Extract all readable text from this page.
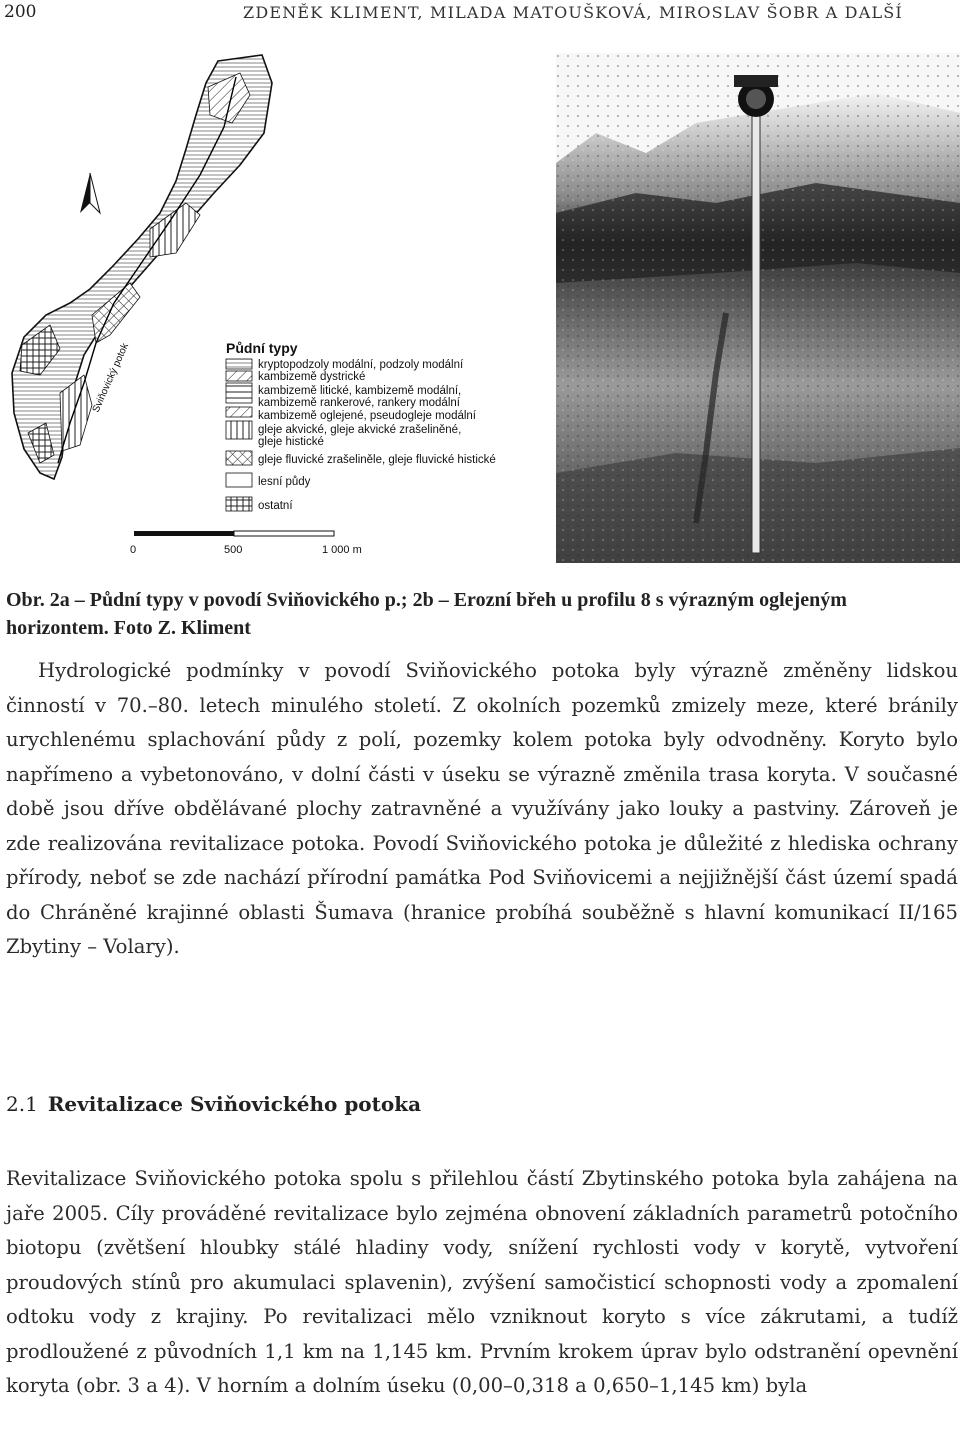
200	ZDENĚK KLIMENT, MILADA MATOUŠKOVÁ, MIROSLAV ŠOBR A DALŠÍ
Sviňovický potok	Půdní typy
kryptopodzoly modální, podzoly modální
kambizemě dystrické
kambizemě litické, kambizemě modální,
kambizemě rankerové, rankery modální
kambizemě oglejené, pseudogleje modální
gleje akvické, gleje akvické zrašeliněné,
gleje histické
gleje fluvické zrašeliněle, gleje fluvické histické
lesní půdy
ostatní
0	500	1 000 m

Obr. 2a – Půdní typy v povodí Sviňovického p.; 2b – Erozní břeh u profilu 8 s výrazným oglejeným horizontem. Foto Z. Kliment

Hydrologické podmínky v povodí Sviňovického potoka byly výrazně změněny lidskou činností v 70.–80. letech minulého století. Z okolních pozemků zmizely meze, které bránily urychlenému splachování půdy z polí, pozemky kolem potoka byly odvodněny. Koryto bylo napřímeno a vybetonováno, v dolní části v úseku se výrazně změnila trasa koryta. V současné době jsou dříve obdělávané plochy zatravněné a využívány jako louky a pastviny. Zároveň je zde realizována revitalizace potoka. Povodí Sviňovického potoka je důležité z hlediska ochrany přírody, neboť se zde nachází přírodní památka Pod Sviňovicemi a nejjižnější část území spadá do Chráněné krajinné oblasti Šumava (hranice probíhá souběžně s hlavní komunikací II/165 Zbytiny – Volary).

2.1 Revitalizace Sviňovického potoka

Revitalizace Sviňovického potoka spolu s přilehlou částí Zbytinského potoka byla zahájena na jaře 2005. Cíly prováděné revitalizace bylo zejména obnovení základních parametrů potočního biotopu (zvětšení hloubky stálé hladiny vody, snížení rychlosti vody v korytě, vytvoření proudových stínů pro akumulaci splavenin), zvýšení samočisticí schopnosti vody a zpomalení odtoku vody z krajiny. Po revitalizaci mělo vzniknout koryto s více zákrutami, a tudíž prodloužené z původních 1,1 km na 1,145 km. Prvním krokem úprav bylo odstranění opevnění koryta (obr. 3 a 4). V horním a dolním úseku (0,00–0,318 a 0,650–1,145 km) byla
